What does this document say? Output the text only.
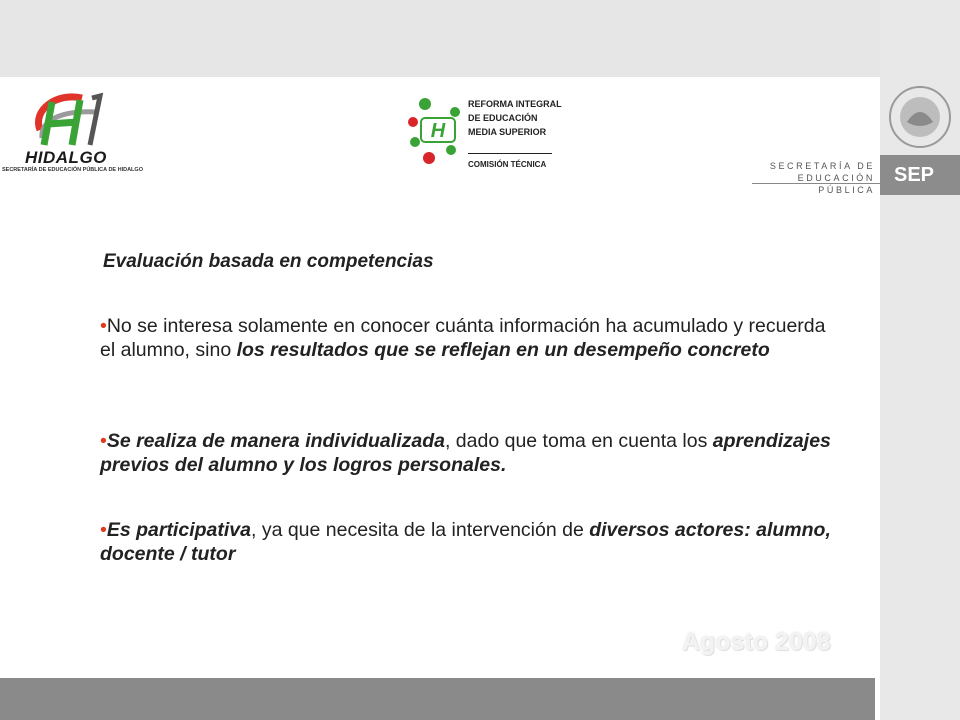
HIDALGO
SECRETARÍA DE EDUCACIÓN PÚBLICA DE HIDALGO
H
REFORMA INTEGRAL
DE EDUCACIÓN
MEDIA SUPERIOR
COMISIÓN TÉCNICA	SECRETARÍA DE
EDUCACIÓN PÚBLICA
SEP
Evaluación basada en competencias
•No se interesa solamente en conocer cuánta información ha acumulado y recuerda el alumno, sino los resultados que se reflejan en un desempeño concreto
•Se realiza de manera individualizada, dado que toma en cuenta los aprendizajes previos del alumno y los logros personales.
•Es participativa, ya que necesita de la intervención de diversos actores: alumno, docente / tutor
Agosto 2008
